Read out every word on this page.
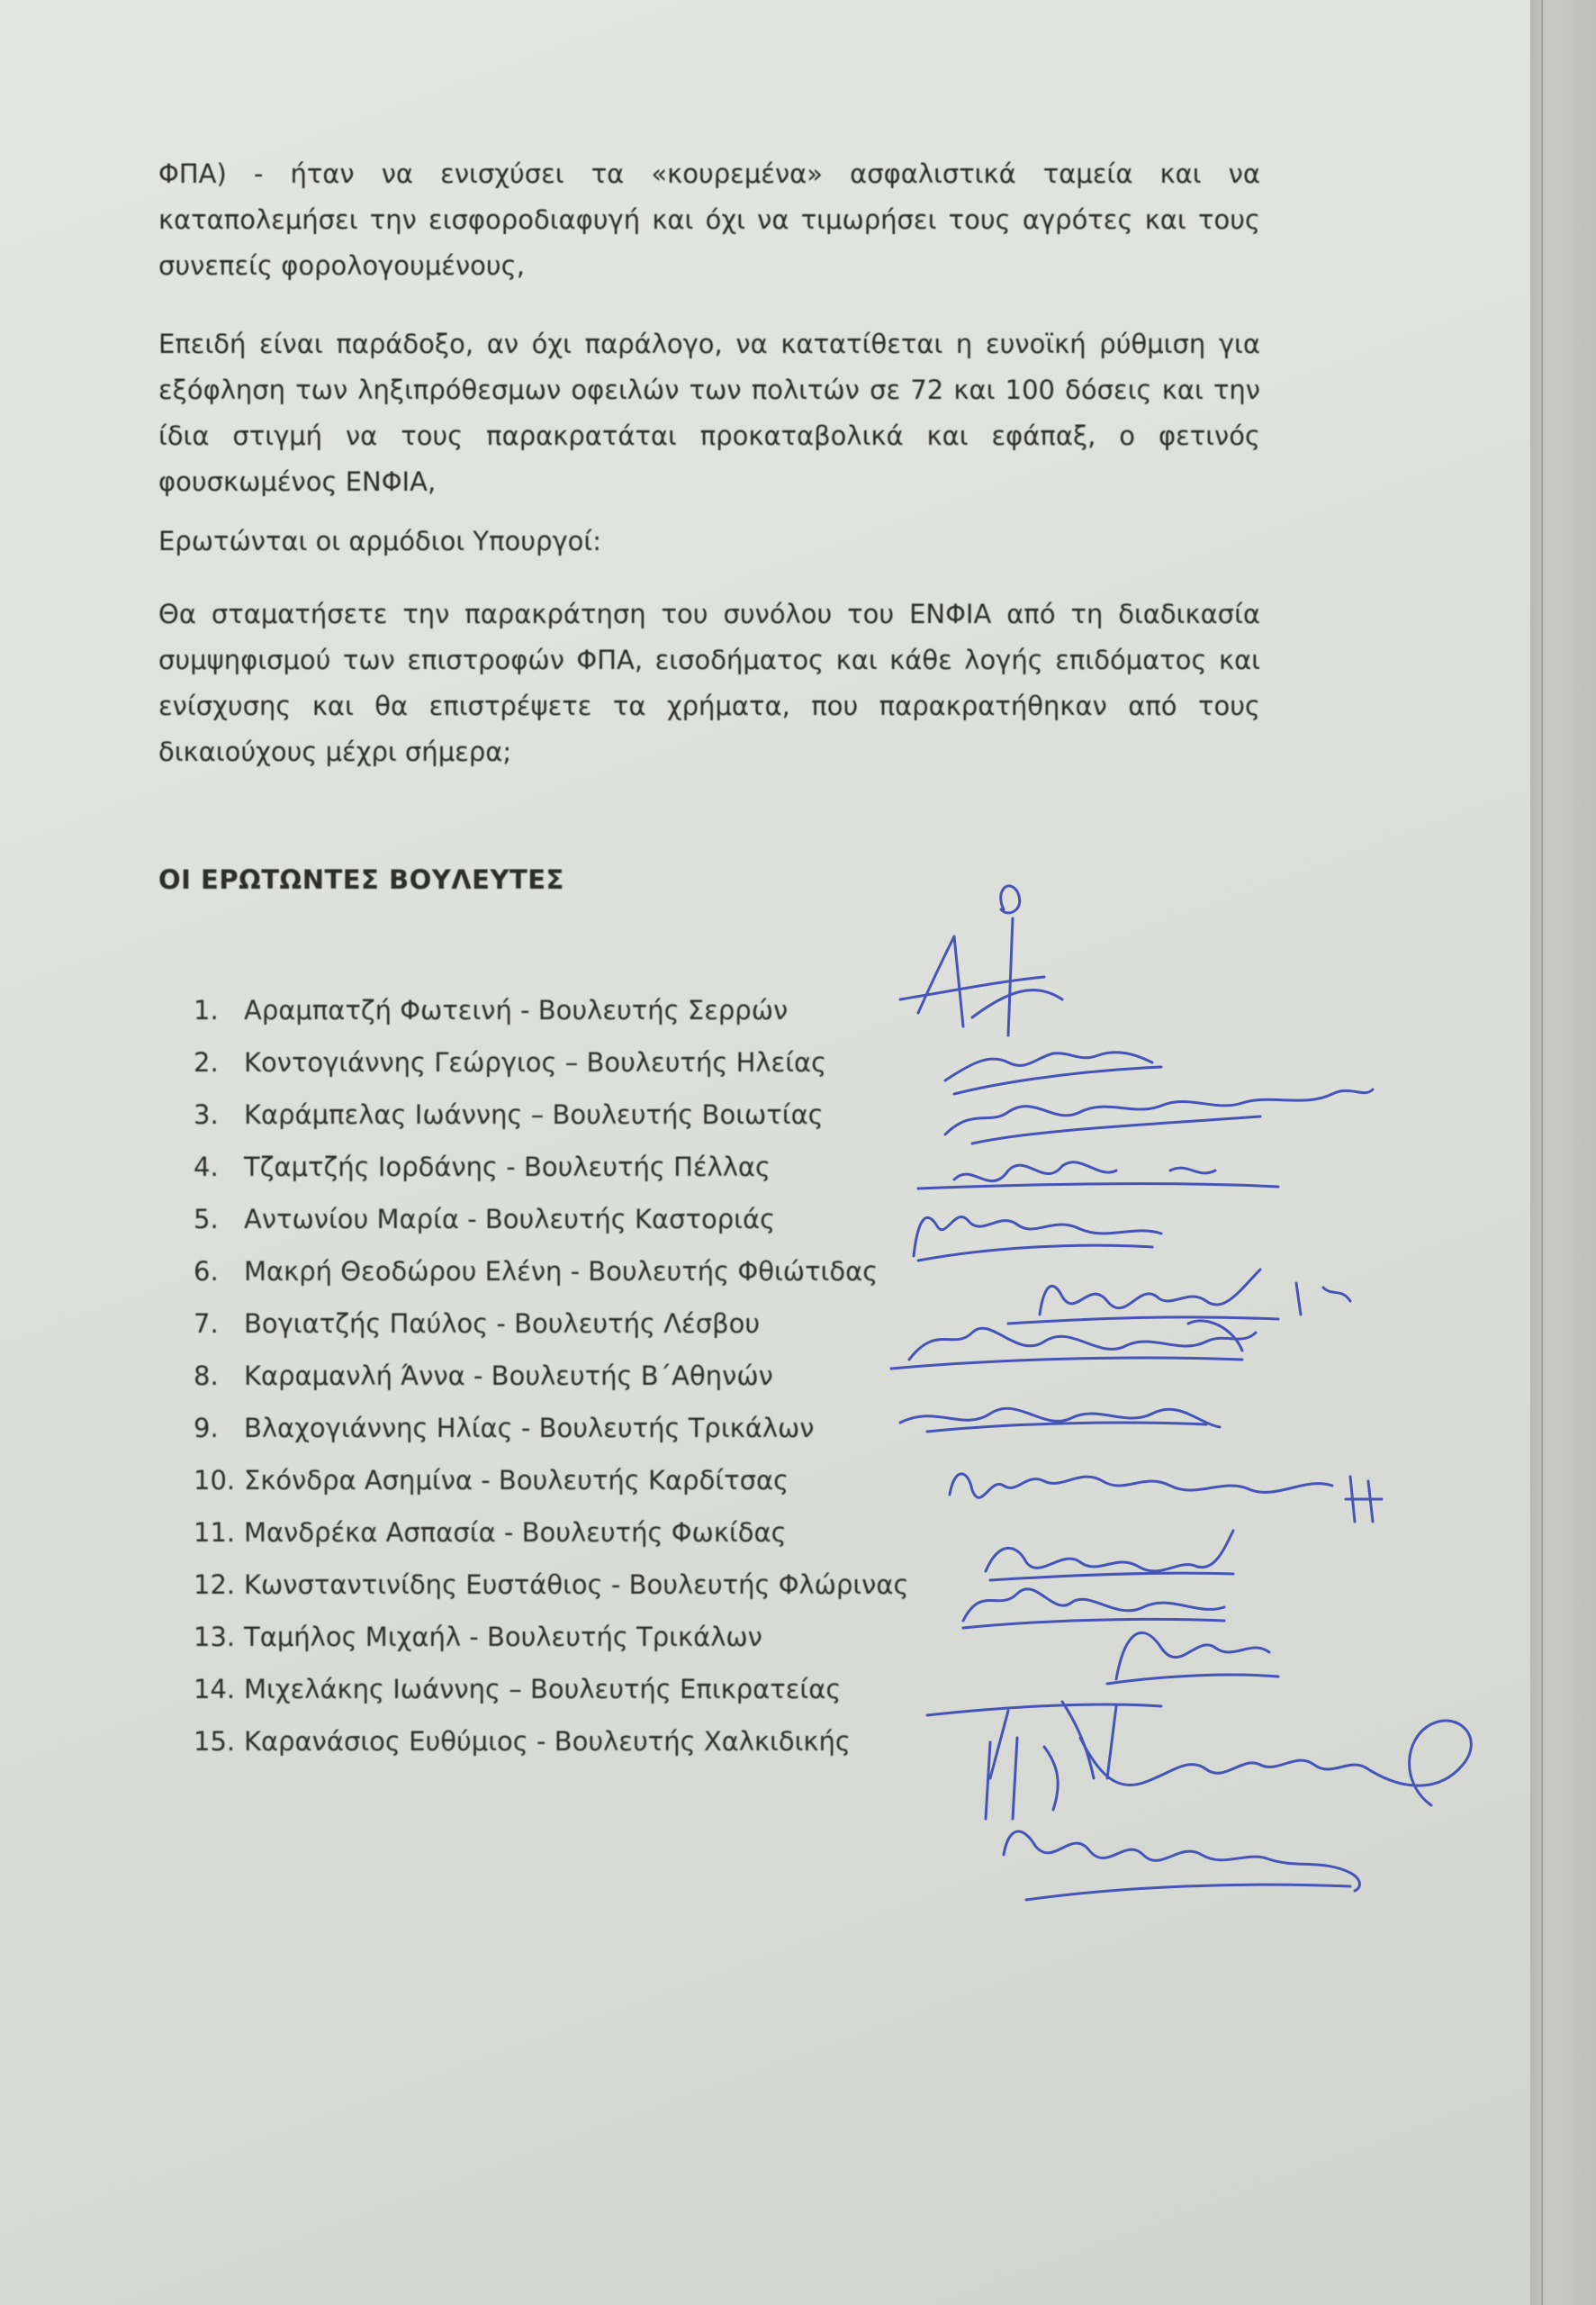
ΦΠΑ) - ήταν να ενισχύσει τα «κουρεμένα» ασφαλιστικά ταμεία και να καταπολεμήσει την εισφοροδιαφυγή και όχι να τιμωρήσει τους αγρότες και τους συνεπείς φορολογουμένους,

Επειδή είναι παράδοξο, αν όχι παράλογο, να κατατίθεται η ευνοϊκή ρύθμιση για εξόφληση των ληξιπρόθεσμων οφειλών των πολιτών σε 72 και 100 δόσεις και την ίδια στιγμή να τους παρακρατάται προκαταβολικά και εφάπαξ, ο φετινός φουσκωμένος ΕΝΦΙΑ,

Ερωτώνται οι αρμόδιοι Υπουργοί:

Θα σταματήσετε την παρακράτηση του συνόλου του ΕΝΦΙΑ από τη διαδικασία συμψηφισμού των επιστροφών ΦΠΑ, εισοδήματος και κάθε λογής επιδόματος και ενίσχυσης και θα επιστρέψετε τα χρήματα, που παρακρατήθηκαν από τους δικαιούχους μέχρι σήμερα;

ΟΙ ΕΡΩΤΩΝΤΕΣ ΒΟΥΛΕΥΤΕΣ
1. Αραμπατζή Φωτεινή - Βουλευτής Σερρών
2. Κοντογιάννης Γεώργιος – Βουλευτής Ηλείας
3. Καράμπελας Ιωάννης – Βουλευτής Βοιωτίας
4. Τζαμτζής Ιορδάνης - Βουλευτής Πέλλας
5. Αντωνίου Μαρία - Βουλευτής Καστοριάς
6. Μακρή Θεοδώρου Ελένη - Βουλευτής Φθιώτιδας
7. Βογιατζής Παύλος - Βουλευτής Λέσβου
8. Καραμανλή Άννα - Βουλευτής Β΄Αθηνών
9. Βλαχογιάννης Ηλίας - Βουλευτής Τρικάλων
10. Σκόνδρα Ασημίνα - Βουλευτής Καρδίτσας
11. Μανδρέκα Ασπασία - Βουλευτής Φωκίδας
12. Κωνσταντινίδης Ευστάθιος - Βουλευτής Φλώρινας
13. Ταμήλος Μιχαήλ - Βουλευτής Τρικάλων
14. Μιχελάκης Ιωάννης – Βουλευτής Επικρατείας
15. Καρανάσιος Ευθύμιος - Βουλευτής Χαλκιδικής
